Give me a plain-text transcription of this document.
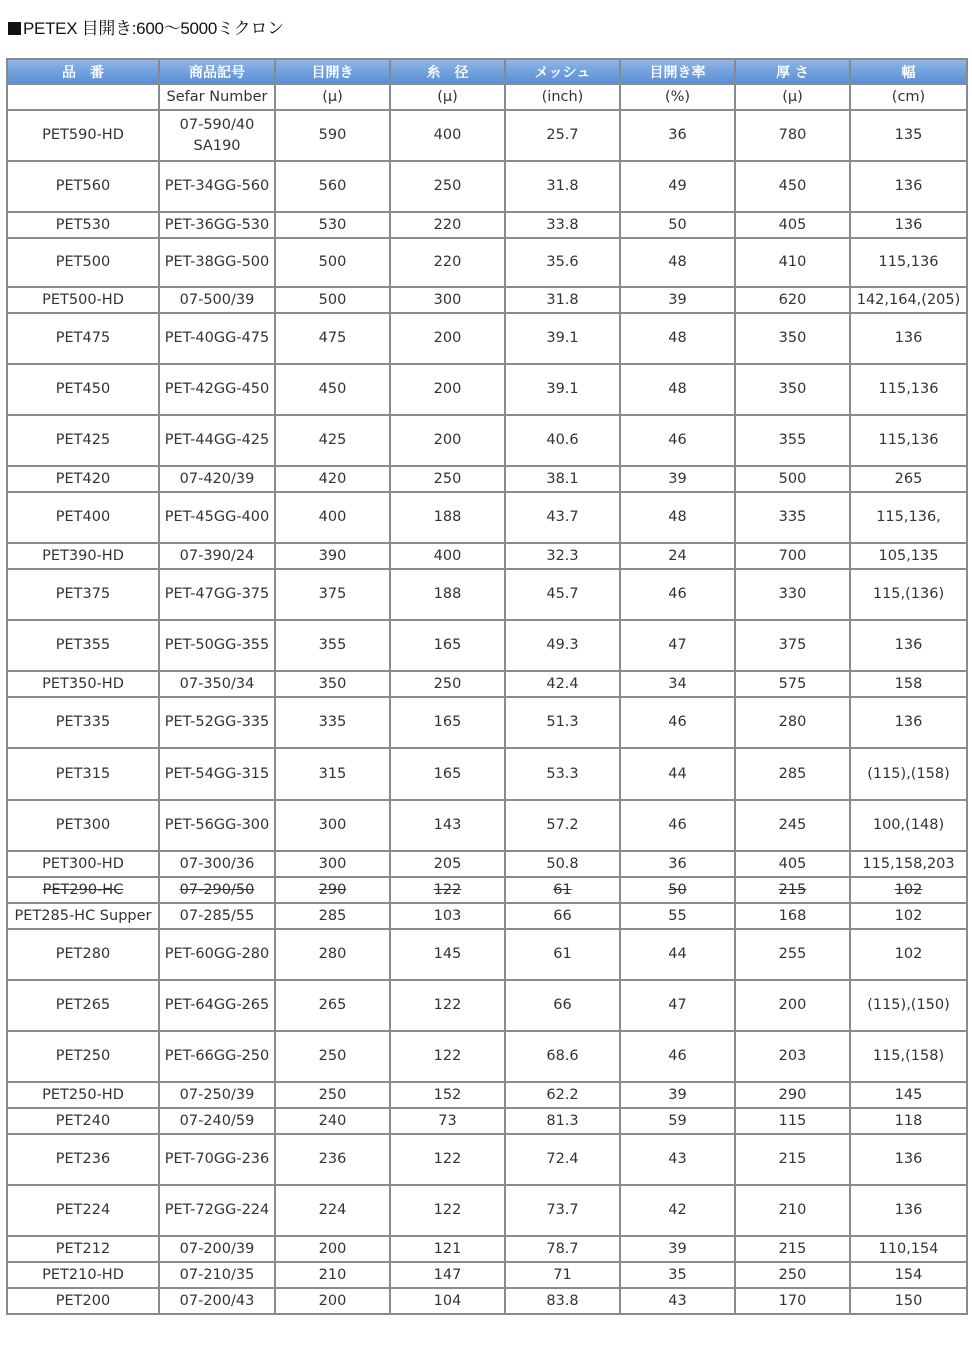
PETEX 目開き:600～5000ミクロン
品　番	商品記号	目開き	糸　径	メッシュ	目開き率	厚 さ	幅
	Sefar Number	(μ)	(μ)	(inch)	(%)	(μ)	(cm)
PET590-HD	07-590/40 SA190	590	400	25.7	36	780	135
PET560	PET-34GG-560	560	250	31.8	49	450	136
PET530	PET-36GG-530	530	220	33.8	50	405	136
PET500	PET-38GG-500	500	220	35.6	48	410	115,136
PET500-HD	07-500/39	500	300	31.8	39	620	142,164,(205)
PET475	PET-40GG-475	475	200	39.1	48	350	136
PET450	PET-42GG-450	450	200	39.1	48	350	115,136
PET425	PET-44GG-425	425	200	40.6	46	355	115,136
PET420	07-420/39	420	250	38.1	39	500	265
PET400	PET-45GG-400	400	188	43.7	48	335	115,136,
PET390-HD	07-390/24	390	400	32.3	24	700	105,135
PET375	PET-47GG-375	375	188	45.7	46	330	115,(136)
PET355	PET-50GG-355	355	165	49.3	47	375	136
PET350-HD	07-350/34	350	250	42.4	34	575	158
PET335	PET-52GG-335	335	165	51.3	46	280	136
PET315	PET-54GG-315	315	165	53.3	44	285	(115),(158)
PET300	PET-56GG-300	300	143	57.2	46	245	100,(148)
PET300-HD	07-300/36	300	205	50.8	36	405	115,158,203
PET290-HC	07-290/50	290	122	61	50	215	102
PET285-HC Supper	07-285/55	285	103	66	55	168	102
PET280	PET-60GG-280	280	145	61	44	255	102
PET265	PET-64GG-265	265	122	66	47	200	(115),(150)
PET250	PET-66GG-250	250	122	68.6	46	203	115,(158)
PET250-HD	07-250/39	250	152	62.2	39	290	145
PET240	07-240/59	240	73	81.3	59	115	118
PET236	PET-70GG-236	236	122	72.4	43	215	136
PET224	PET-72GG-224	224	122	73.7	42	210	136
PET212	07-200/39	200	121	78.7	39	215	110,154
PET210-HD	07-210/35	210	147	71	35	250	154
PET200	07-200/43	200	104	83.8	43	170	150
